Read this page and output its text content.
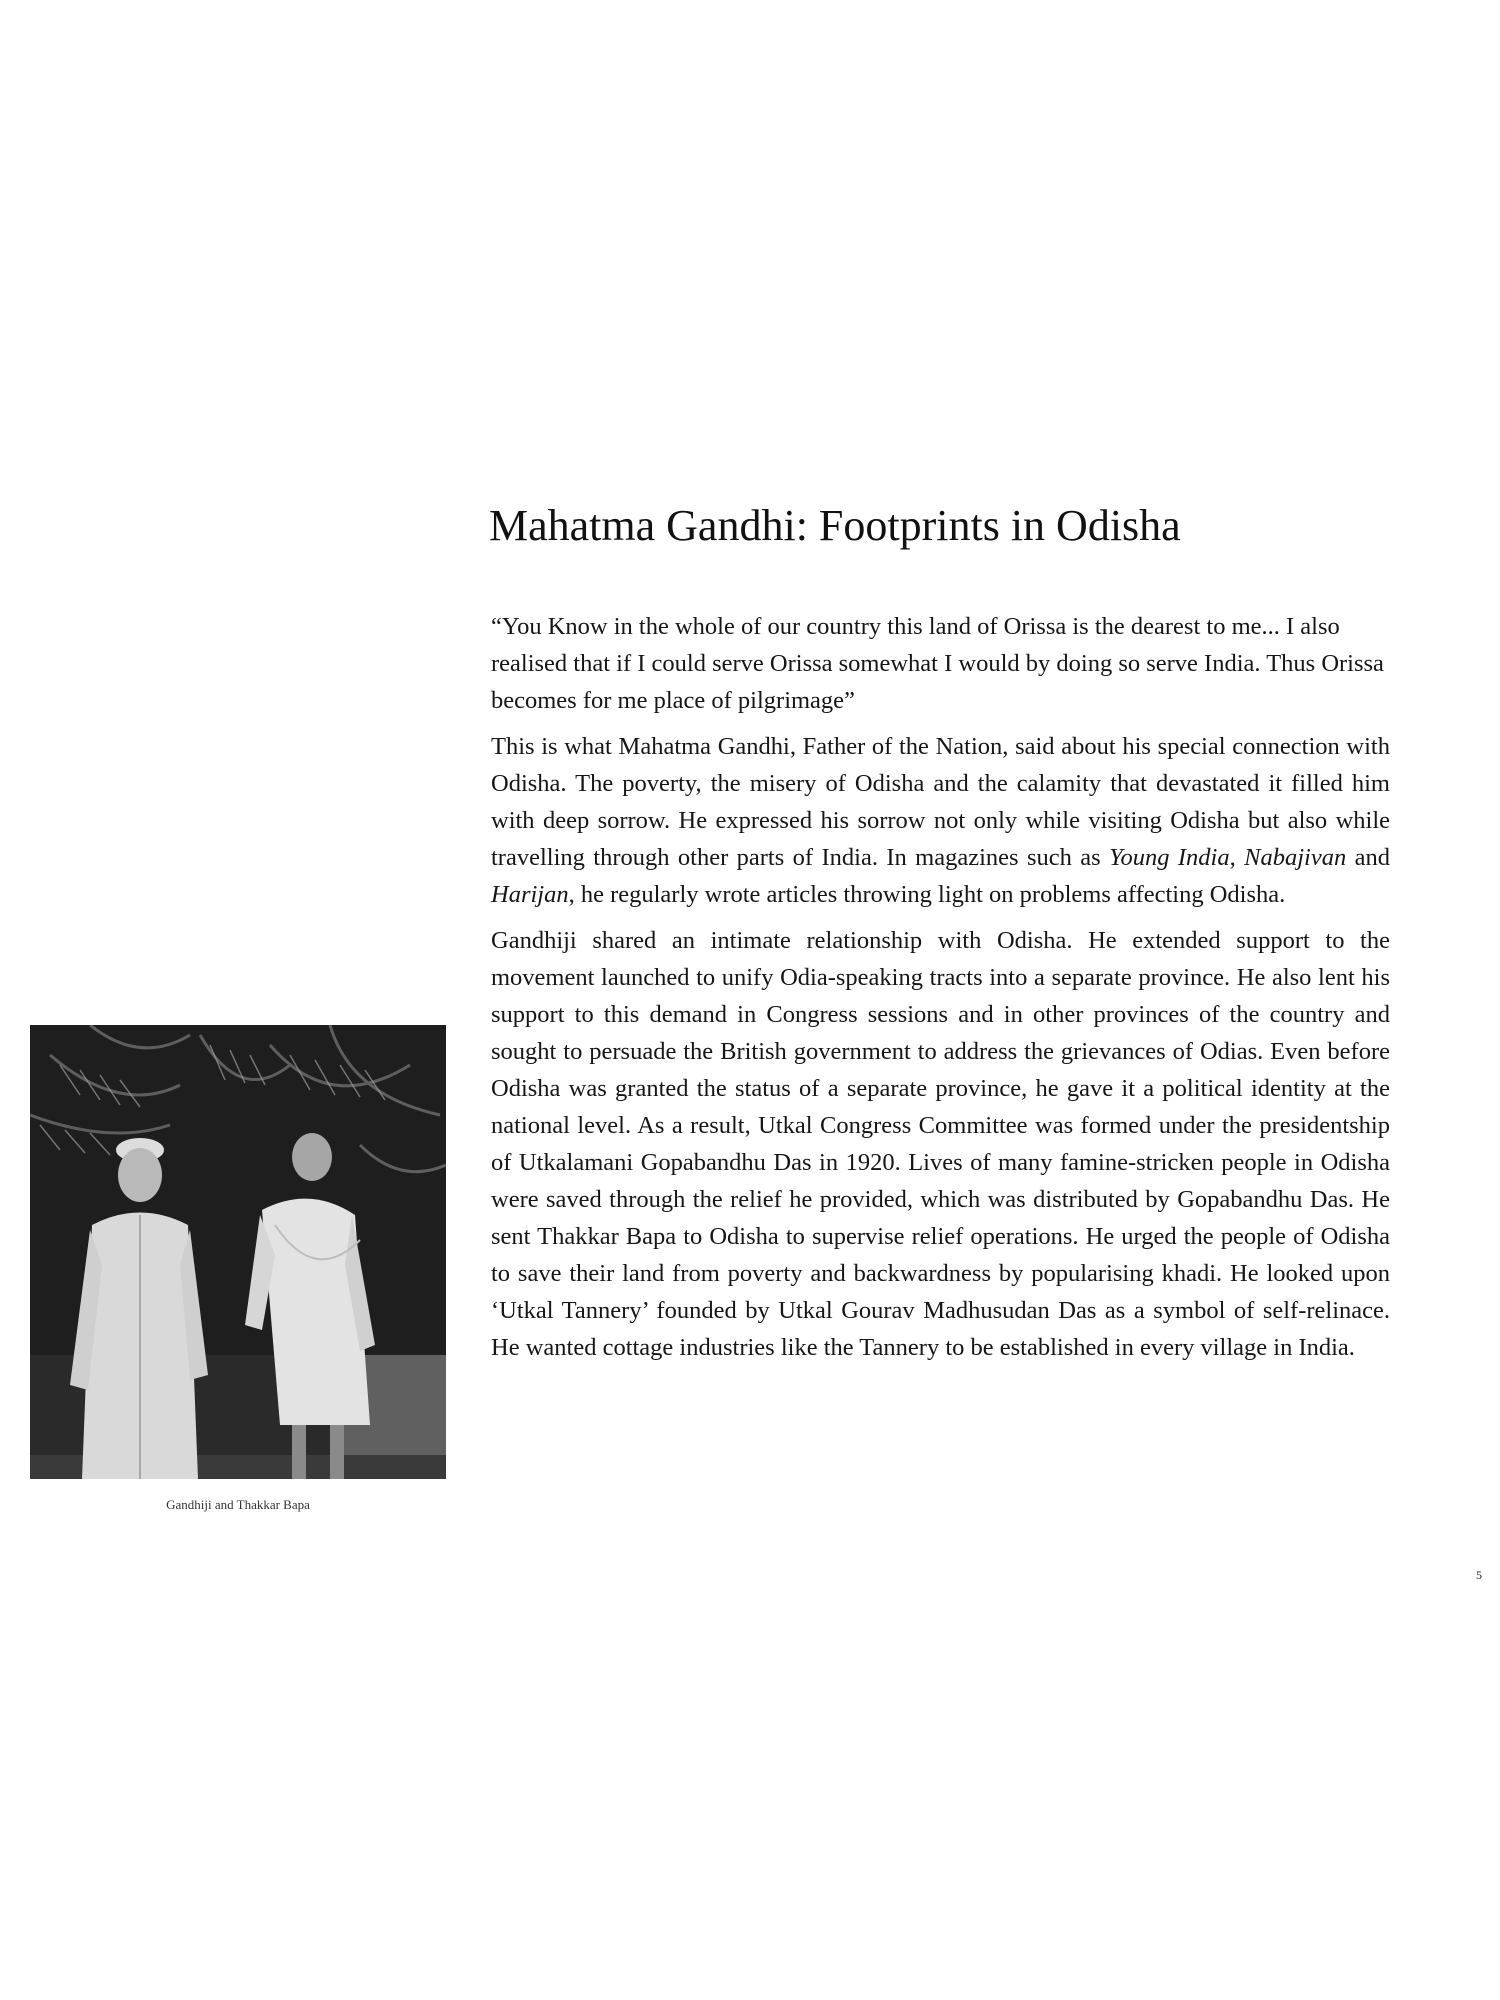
Mahatma Gandhi: Footprints in Odisha

“You Know in the whole of our country this land of Orissa is the dearest to me... I also realised that if I could serve Orissa somewhat I would by doing so serve India. Thus Orissa becomes for me place of pilgrimage”

This is what Mahatma Gandhi, Father of the Nation, said about his special connection with Odisha. The poverty, the misery of Odisha and the calamity that devastated it filled him with deep sorrow. He expressed his sorrow not only while visiting Odisha but also while travelling through other parts of India. In magazines such as Young India, Nabajivan and Harijan, he regularly wrote articles throwing light on problems affecting Odisha.

Gandhiji shared an intimate relationship with Odisha. He extended support to the movement launched to unify Odia-speaking tracts into a separate province. He also lent his support to this demand in Congress sessions and in other provinces of the country and sought to persuade the British government to address the grievances of Odias. Even before Odisha was granted the status of a separate province, he gave it a political identity at the national level. As a result, Utkal Congress Committee was formed under the presidentship of Utkalamani Gopabandhu Das in 1920. Lives of many famine-stricken people in Odisha were saved through the relief he provided, which was distributed by Gopabandhu Das. He sent Thakkar Bapa to Odisha to supervise relief operations. He urged the people of Odisha to save their land from poverty and backwardness by popularising khadi. He looked upon ‘Utkal Tannery’ founded by Utkal Gourav Madhusudan Das as a symbol of self-relinace. He wanted cottage industries like the Tannery to be established in every village in India.

Gandhiji and Thakkar Bapa
5
